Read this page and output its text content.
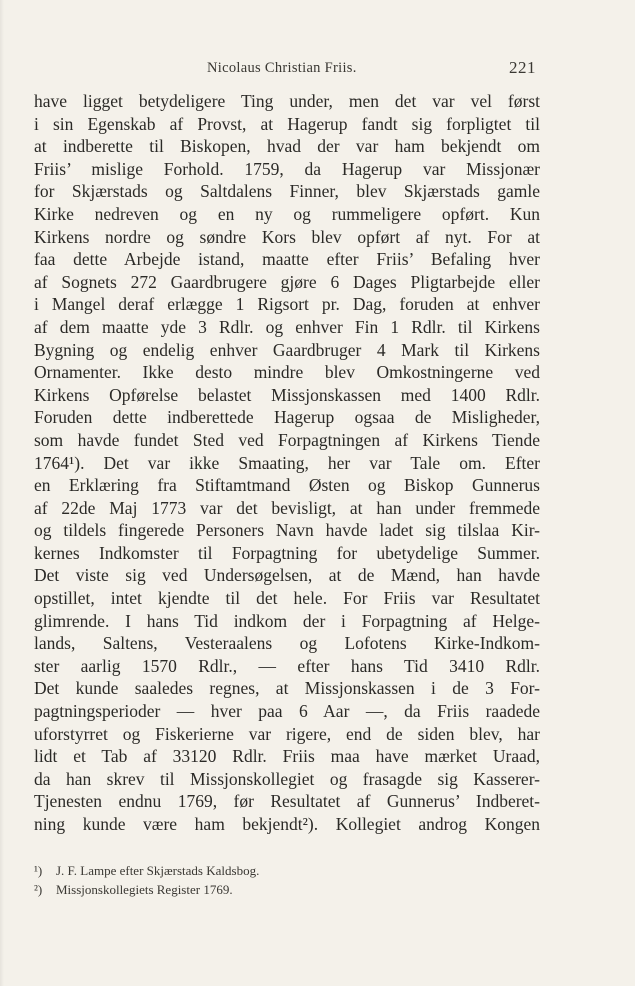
Nicolaus Christian Friis.	221
have ligget betydeligere Ting under, men det var vel først
i sin Egenskab af Provst, at Hagerup fandt sig forpligtet til
at indberette til Biskopen, hvad der var ham bekjendt om
Friis’ mislige Forhold. 1759, da Hagerup var Missjonær
for Skjærstads og Saltdalens Finner, blev Skjærstads gamle
Kirke nedreven og en ny og rummeligere opført. Kun
Kirkens nordre og søndre Kors blev opført af nyt. For at
faa dette Arbejde istand, maatte efter Friis’ Befaling hver
af Sognets 272 Gaardbrugere gjøre 6 Dages Pligtarbejde eller
i Mangel deraf erlægge 1 Rigsort pr. Dag, foruden at enhver
af dem maatte yde 3 Rdlr. og enhver Fin 1 Rdlr. til Kirkens
Bygning og endelig enhver Gaardbruger 4 Mark til Kirkens
Ornamenter. Ikke desto mindre blev Omkostningerne ved
Kirkens Opførelse belastet Missjonskassen med 1400 Rdlr.
Foruden dette indberettede Hagerup ogsaa de Misligheder,
som havde fundet Sted ved Forpagtningen af Kirkens Tiende
1764¹). Det var ikke Smaating, her var Tale om. Efter
en Erklæring fra Stiftamtmand Østen og Biskop Gunnerus
af 22de Maj 1773 var det bevisligt, at han under fremmede
og tildels fingerede Personers Navn havde ladet sig tilslaa Kir-
kernes Indkomster til Forpagtning for ubetydelige Summer.
Det viste sig ved Undersøgelsen, at de Mænd, han havde
opstillet, intet kjendte til det hele. For Friis var Resultatet
glimrende. I hans Tid indkom der i Forpagtning af Helge-
lands, Saltens, Vesteraalens og Lofotens Kirke-Indkom-
ster aarlig 1570 Rdlr., — efter hans Tid 3410 Rdlr.
Det kunde saaledes regnes, at Missjonskassen i de 3 For-
pagtningsperioder — hver paa 6 Aar —, da Friis raadede
uforstyrret og Fiskerierne var rigere, end de siden blev, har
lidt et Tab af 33120 Rdlr. Friis maa have mærket Uraad,
da han skrev til Missjonskollegiet og frasagde sig Kasserer-
Tjenesten endnu 1769, før Resultatet af Gunnerus’ Indberet-
ning kunde være ham bekjendt²). Kollegiet androg Kongen
¹) J. F. Lampe efter Skjærstads Kaldsbog.
²) Missjonskollegiets Register 1769.
